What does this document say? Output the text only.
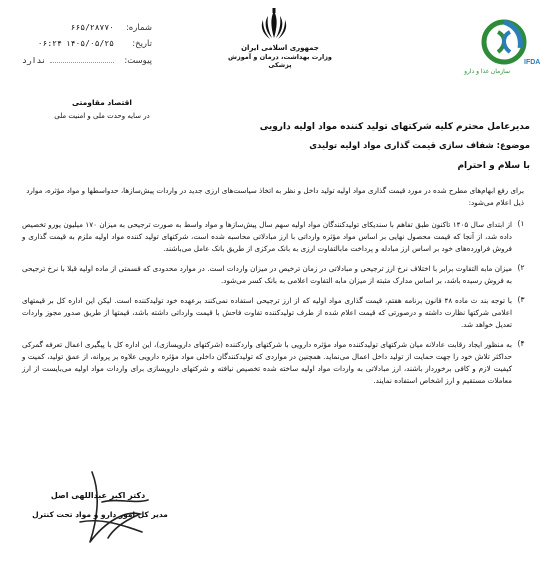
شماره:
۶۶۵/۲۸۷۷۰
تاریخ:
۱۴۰۵/۰۵/۲۵
۰۶:۲۴
پیوست:
ندارد
جمهوری اسلامی ایران
وزارت بهداشت، درمان و آموزش پزشکی	IFDA
سازمان غذا و دارو
اقتصاد مقاومتی
در سایه وحدت ملی و امنیت ملی
مدیرعامل محترم کلیه شرکتهای تولید کننده مواد اولیه دارویی
موضوع: شفاف سازی قیمت گذاری مواد اولیه تولیدی
با سلام و احترام
برای رفع ابهام‌های مطرح شده در مورد قیمت گذاری مواد اولیه تولید داخل و نظر به اتخاذ سیاست‌های ارزی جدید در واردات پیش‌سازها، حدواسطها و مواد مؤثره، موارد ذیل اعلام می‌شود:
۱)
از ابتدای سال ۱۴۰۵ تاکنون طبق تفاهم با سندیکای تولیدکنندگان مواد اولیه سهم سال پیش‌سازها و مواد واسط به صورت ترجیحی به میزان ۱۷۰ میلیون یورو تخصیص داده شد، از آنجا که قیمت محصول نهایی بر اساس مواد مؤثره وارداتی با ارز مبادلاتی محاسبه شده است، شرکتهای تولید کننده مواد اولیه ملزم به قیمت گذاری و فروش فراورده‌های خود بر اساس ارز مبادله و پرداخت مابالتفاوت ارزی به بانک مرکزی از طریق بانک عامل می‌باشند.
۲)
میزان مابه التفاوت برابر با اختلاف نرخ ارز ترجیحی و مبادلاتی در زمان ترخیص در میزان واردات است. در موارد محدودی که قسمتی از ماده اولیه قبلا با نرخ ترجیحی به فروش رسیده باشد، بر اساس مدارک مثبته از میزان مابه التفاوت اعلامی به بانک کسر می‌شود.
۳)
با توجه بند ث ماده ۴۸ قانون برنامه هفتم، قیمت گذاری مواد اولیه که از ارز ترجیحی استفاده نمی‌کنند برعهده خود تولیدکننده است. لیکن این اداره کل بر قیمتهای اعلامی شرکتها نظارت داشته و درصورتی که قیمت اعلام شده از طرف تولیدکننده تفاوت فاحش با قیمت وارداتی داشته باشد، قیمتها از طریق صدور مجوز واردات تعدیل خواهد شد.
۴)
به منظور ایجاد رقابت عادلانه میان شرکتهای تولیدکننده مواد مؤثره دارویی با شرکتهای واردکننده (شرکتهای دارویسازی)، این اداره کل با پیگیری اعمال تعرفه گمرکی حداکثر تلاش خود را جهت حمایت از تولید داخل اعمال می‌نماید. همچنین در مواردی که تولیدکنندگان داخلی مواد مؤثره دارویی علاوه بر پروانه، از عمق تولید، کمیت و کیفیت لازم و کافی برخوردار باشند، ارز مبادلاتی به واردات مواد اولیه ساخته شده تخصیص نیافته و شرکتهای دارویسازی برای واردات مواد اولیه می‌بایست از ارز معاملات مستقیم و ارز اشخاص استفاده نمایند.
دکتر اکبر عبداللهی اصل
مدیر کل امور دارو و مواد تحت کنترل
